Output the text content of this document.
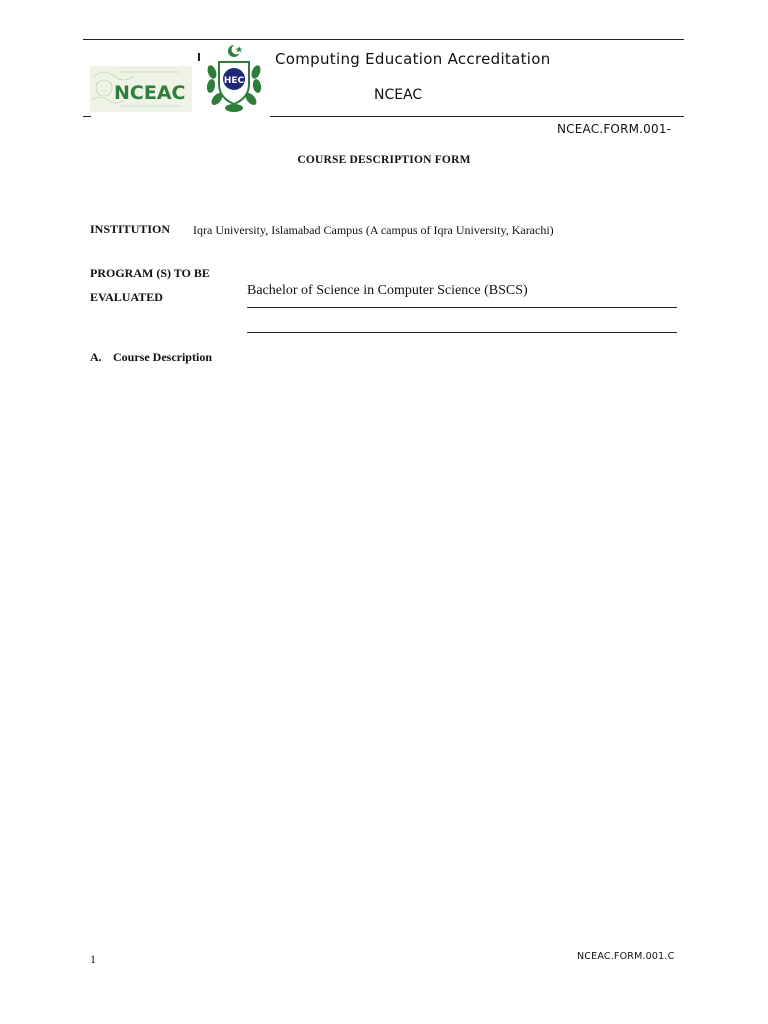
NCEAC
HEC
Computing Education Accreditation
NCEAC
NCEAC.FORM.001-
COURSE DESCRIPTION FORM
INSTITUTION Iqra University, Islamabad Campus (A campus of Iqra University, Karachi)
PROGRAM (S) TO BE
EVALUATED	Bachelor of Science in Computer Science (BSCS)
A. Course Description
1	NCEAC.FORM.001.C
